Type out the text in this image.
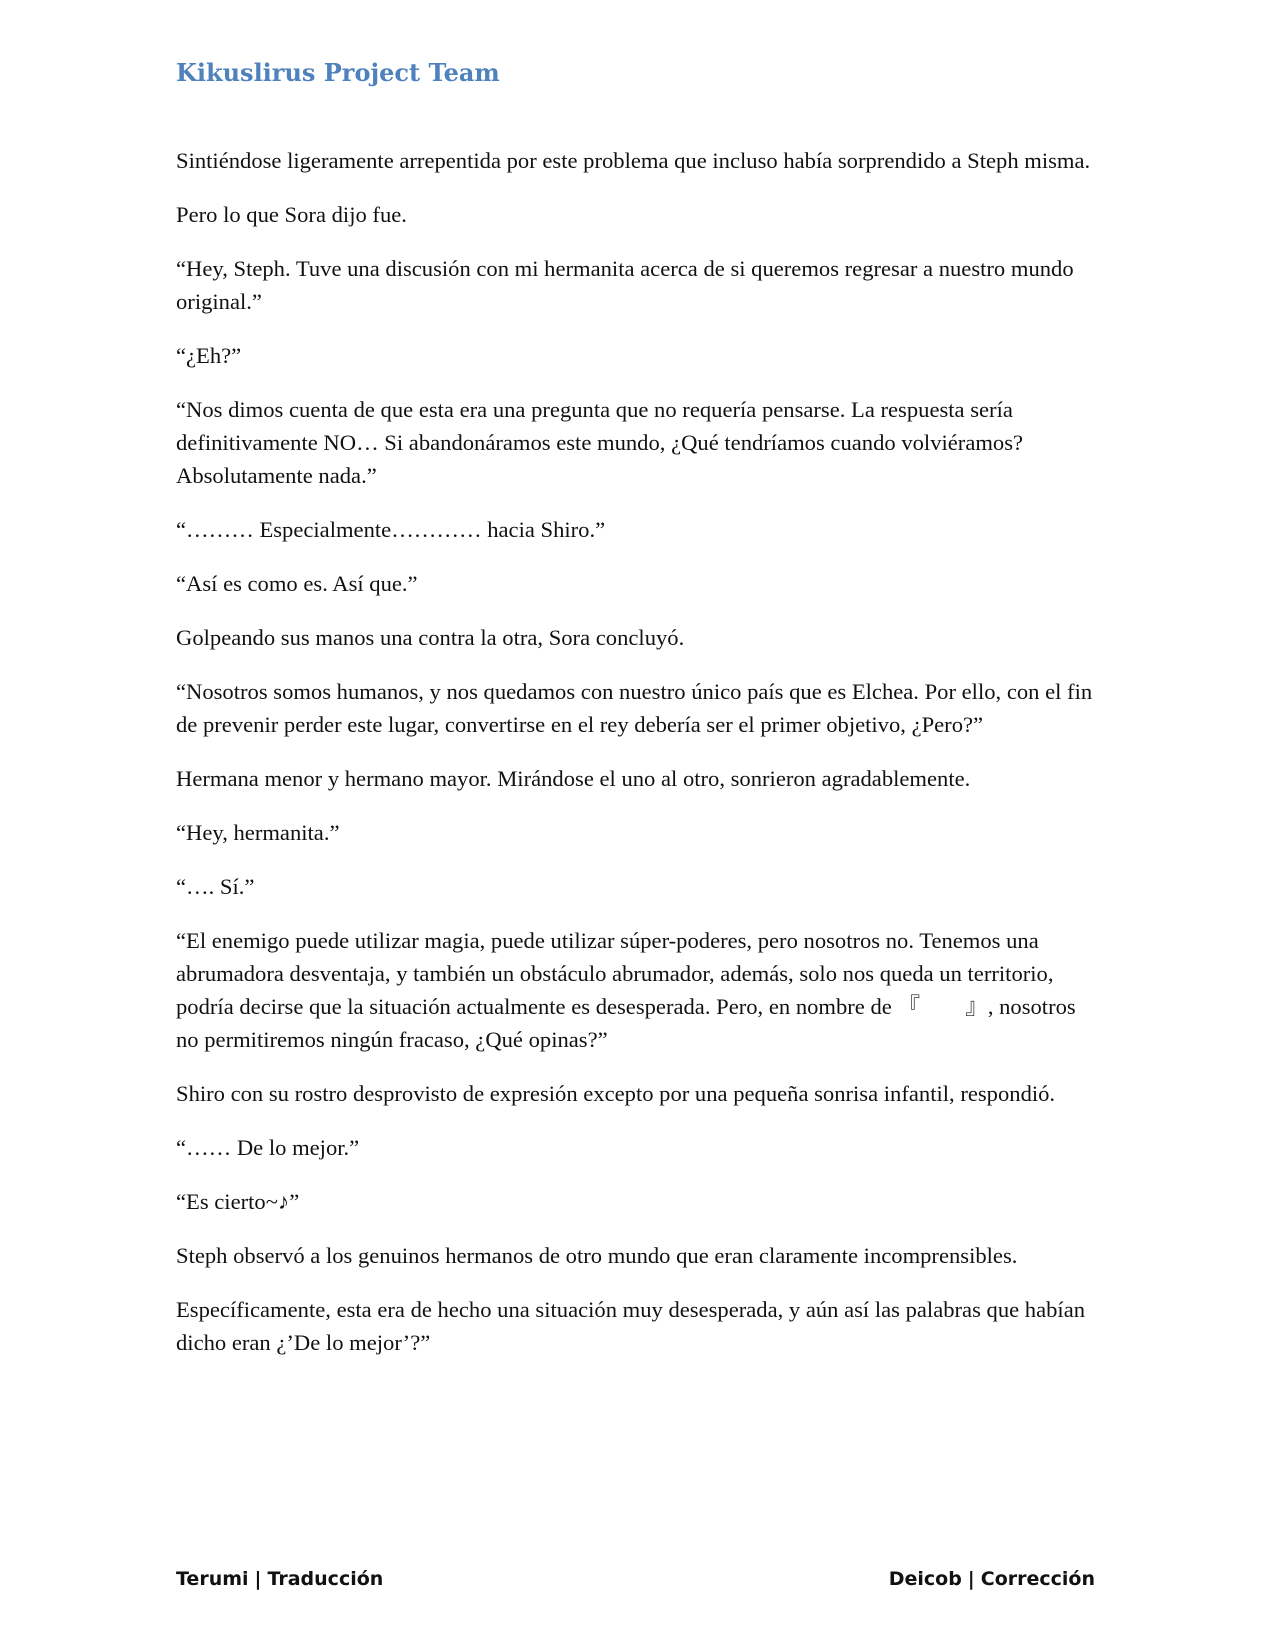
Kikuslirus Project Team

Sintiéndose ligeramente arrepentida por este problema que incluso había sorprendido a Steph misma.

Pero lo que Sora dijo fue.

“Hey, Steph. Tuve una discusión con mi hermanita acerca de si queremos regresar a nuestro mundo original.”

“¿Eh?”

“Nos dimos cuenta de que esta era una pregunta que no requería pensarse. La respuesta sería definitivamente NO… Si abandonáramos este mundo, ¿Qué tendríamos cuando volviéramos? Absolutamente nada.”

“……… Especialmente………… hacia Shiro.”

“Así es como es. Así que.”

Golpeando sus manos una contra la otra, Sora concluyó.

“Nosotros somos humanos, y nos quedamos con nuestro único país que es Elchea. Por ello, con el fin de prevenir perder este lugar, convertirse en el rey debería ser el primer objetivo, ¿Pero?”

Hermana menor y hermano mayor. Mirándose el uno al otro, sonrieron agradablemente.

“Hey, hermanita.”

“…. Sí.”

“El enemigo puede utilizar magia, puede utilizar súper-poderes, pero nosotros no. Tenemos una abrumadora desventaja, y también un obstáculo abrumador, además, solo nos queda un territorio, podría decirse que la situación actualmente es desesperada. Pero, en nombre de 『　　』, nosotros no permitiremos ningún fracaso, ¿Qué opinas?”

Shiro con su rostro desprovisto de expresión excepto por una pequeña sonrisa infantil, respondió.

“…… De lo mejor.”

“Es cierto~♪”

Steph observó a los genuinos hermanos de otro mundo que eran claramente incomprensibles.

Específicamente, esta era de hecho una situación muy desesperada, y aún así las palabras que habían dicho eran ¿’De lo mejor’?”

Terumi | Traducción	Deicob | Corrección
